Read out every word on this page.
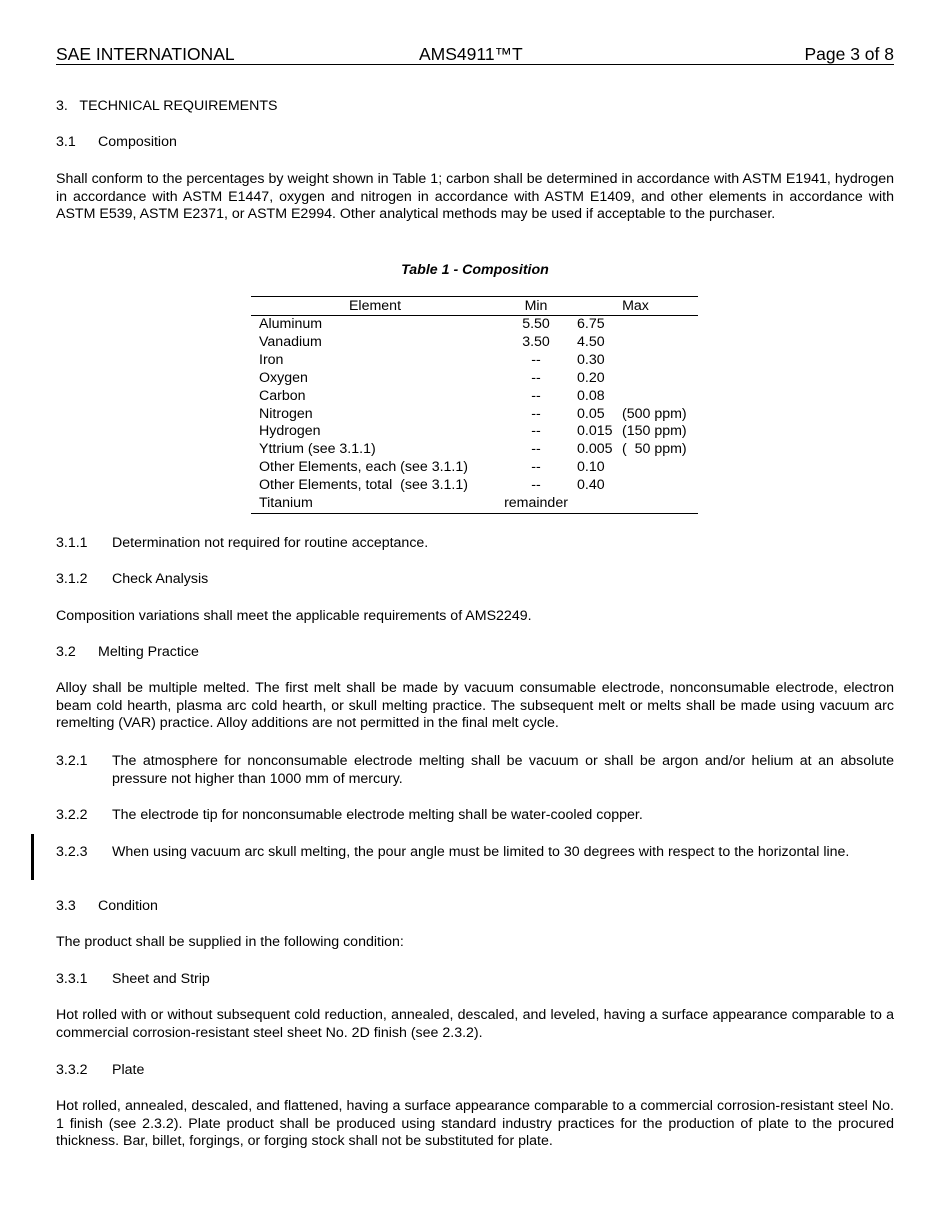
SAE INTERNATIONAL	AMS4911™T	Page 3 of 8
3.   TECHNICAL REQUIREMENTS
3.1 Composition
Shall conform to the percentages by weight shown in Table 1; carbon shall be determined in accordance with ASTM E1941, hydrogen in accordance with ASTM E1447, oxygen and nitrogen in accordance with ASTM E1409, and other elements in accordance with ASTM E539, ASTM E2371, or ASTM E2994. Other analytical methods may be used if acceptable to the purchaser.
Table 1 - Composition
Element	Min	Max	
Aluminum	5.50	6.75	
Vanadium	3.50	4.50	
Iron	--	0.30	
Oxygen	--	0.20	
Carbon	--	0.08	
Nitrogen	--	0.05	(500 ppm)
Hydrogen	--	0.015	(150 ppm)
Yttrium (see 3.1.1)	--	0.005	(  50 ppm)
Other Elements, each (see 3.1.1)	--	0.10	
Other Elements, total  (see 3.1.1)	--	0.40	
Titanium	remainder		
3.1.1 Determination not required for routine acceptance.
3.1.2 Check Analysis
Composition variations shall meet the applicable requirements of AMS2249.
3.2 Melting Practice
Alloy shall be multiple melted. The first melt shall be made by vacuum consumable electrode, nonconsumable electrode, electron beam cold hearth, plasma arc cold hearth, or skull melting practice. The subsequent melt or melts shall be made using vacuum arc remelting (VAR) practice. Alloy additions are not permitted in the final melt cycle.
3.2.1 The atmosphere for nonconsumable electrode melting shall be vacuum or shall be argon and/or helium at an absolute pressure not higher than 1000 mm of mercury.
3.2.2 The electrode tip for nonconsumable electrode melting shall be water-cooled copper.
3.2.3 When using vacuum arc skull melting, the pour angle must be limited to 30 degrees with respect to the horizontal line.
3.3 Condition
The product shall be supplied in the following condition:
3.3.1 Sheet and Strip
Hot rolled with or without subsequent cold reduction, annealed, descaled, and leveled, having a surface appearance comparable to a commercial corrosion-resistant steel sheet No. 2D finish (see 2.3.2).
3.3.2 Plate
Hot rolled, annealed, descaled, and flattened, having a surface appearance comparable to a commercial corrosion-resistant steel No. 1 finish (see 2.3.2). Plate product shall be produced using standard industry practices for the production of plate to the procured thickness. Bar, billet, forgings, or forging stock shall not be substituted for plate.
